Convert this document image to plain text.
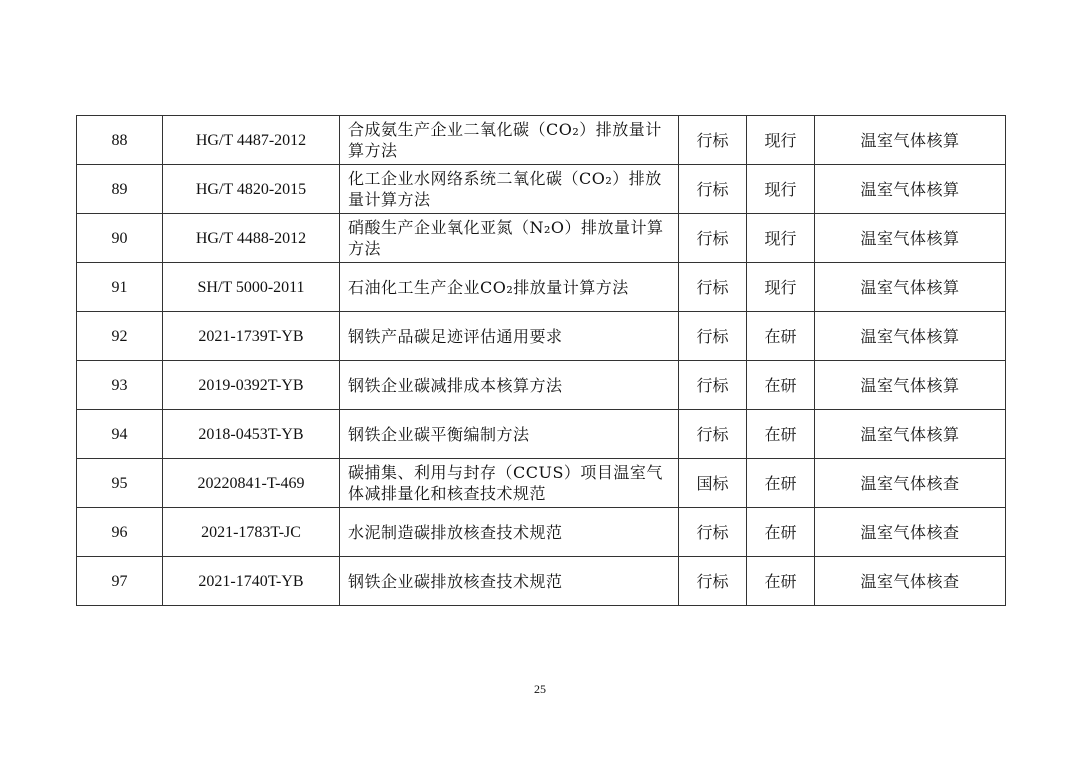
88	HG/T 4487-2012	合成氨生产企业二氧化碳（CO₂）排放量计算方法	行标	现行	温室气体核算
89	HG/T 4820-2015	化工企业水网络系统二氧化碳（CO₂）排放量计算方法	行标	现行	温室气体核算
90	HG/T 4488-2012	硝酸生产企业氧化亚氮（N₂O）排放量计算方法	行标	现行	温室气体核算
91	SH/T 5000-2011	石油化工生产企业CO₂排放量计算方法	行标	现行	温室气体核算
92	2021-1739T-YB	钢铁产品碳足迹评估通用要求	行标	在研	温室气体核算
93	2019-0392T-YB	钢铁企业碳减排成本核算方法	行标	在研	温室气体核算
94	2018-0453T-YB	钢铁企业碳平衡编制方法	行标	在研	温室气体核算
95	20220841-T-469	碳捕集、利用与封存（CCUS）项目温室气体减排量化和核查技术规范	国标	在研	温室气体核查
96	2021-1783T-JC	水泥制造碳排放核查技术规范	行标	在研	温室气体核查
97	2021-1740T-YB	钢铁企业碳排放核查技术规范	行标	在研	温室气体核查
25
